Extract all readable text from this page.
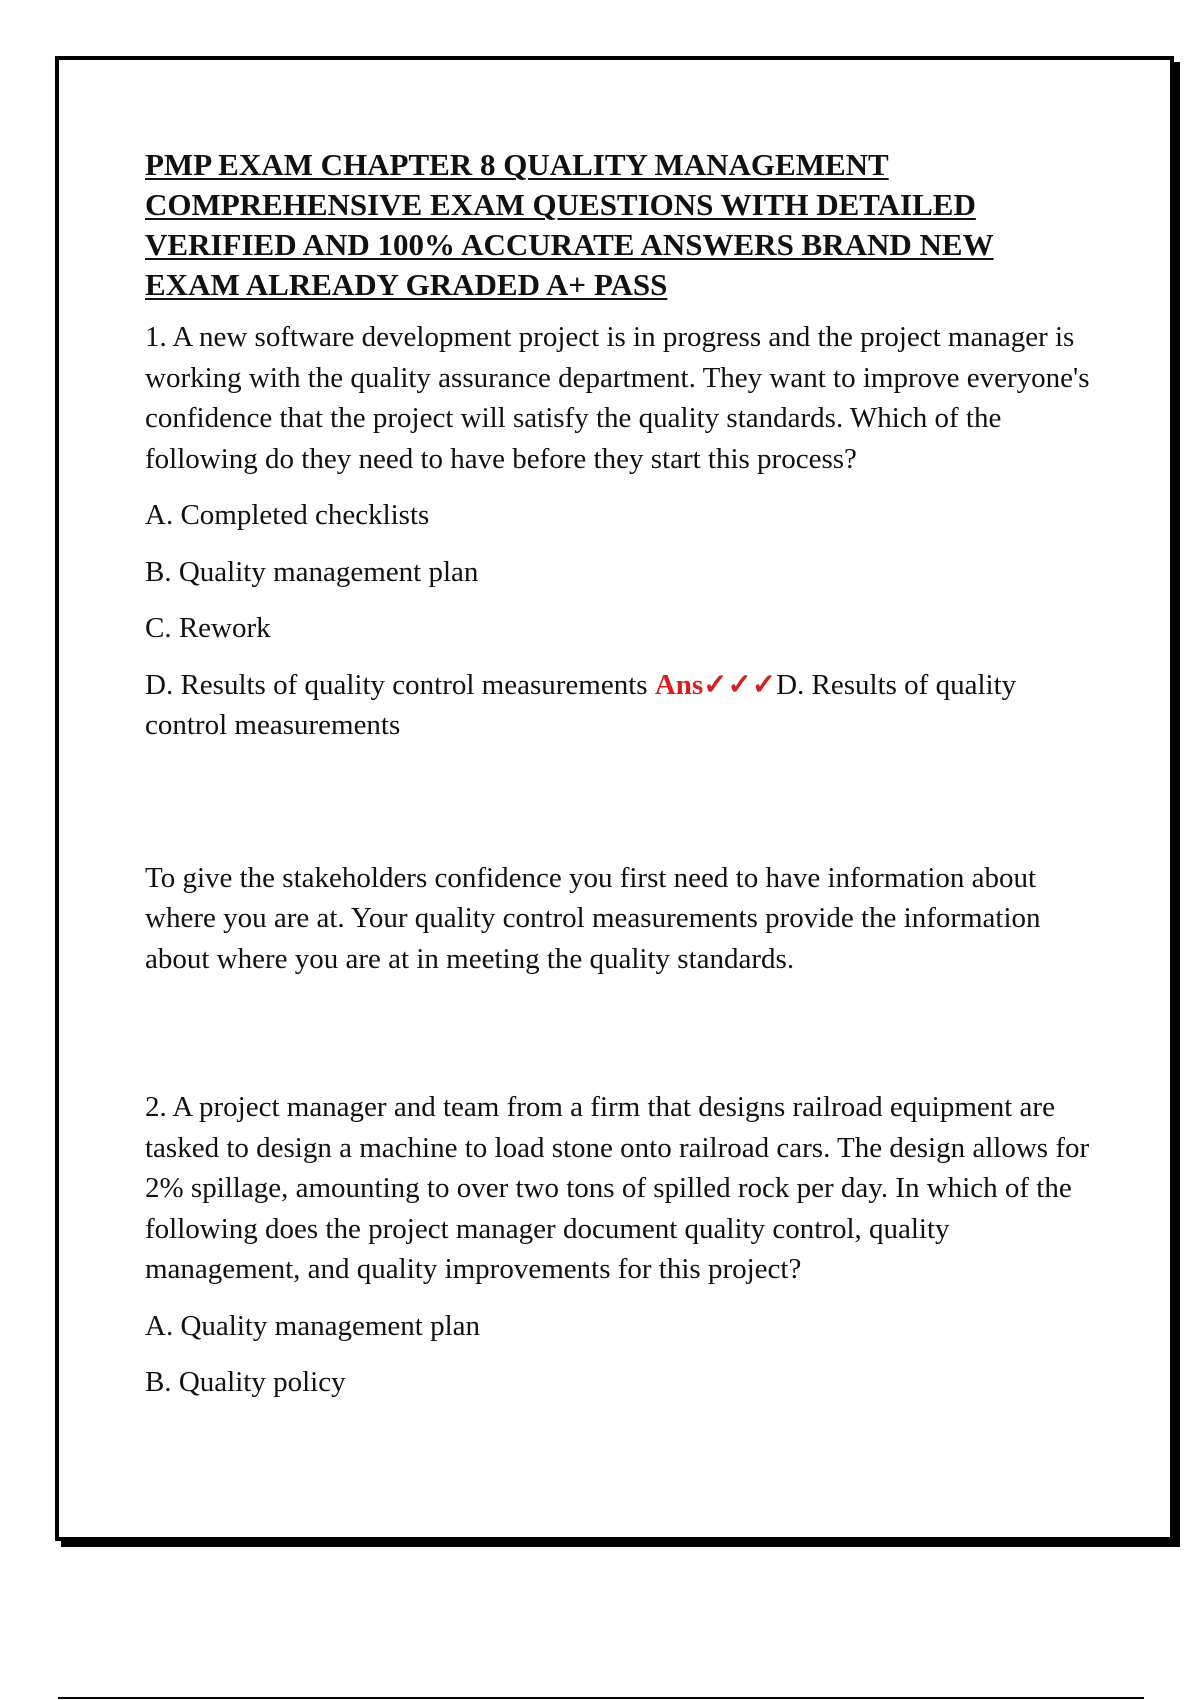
PMP EXAM CHAPTER 8 QUALITY MANAGEMENT
COMPREHENSIVE EXAM QUESTIONS WITH DETAILED
VERIFIED AND 100% ACCURATE ANSWERS BRAND NEW
EXAM ALREADY GRADED A+ PASS

1. A new software development project is in progress and the project manager is working with the quality assurance department. They want to improve everyone's confidence that the project will satisfy the quality standards. Which of the following do they need to have before they start this process?

A. Completed checklists

B. Quality management plan

C. Rework

D. Results of quality control measurements Ans✓✓✓D. Results of quality control measurements

To give the stakeholders confidence you first need to have information about where you are at. Your quality control measurements provide the information about where you are at in meeting the quality standards.

2. A project manager and team from a firm that designs railroad equipment are tasked to design a machine to load stone onto railroad cars. The design allows for 2% spillage, amounting to over two tons of spilled rock per day. In which of the following does the project manager document quality control, quality management, and quality improvements for this project?

A. Quality management plan

B. Quality policy
